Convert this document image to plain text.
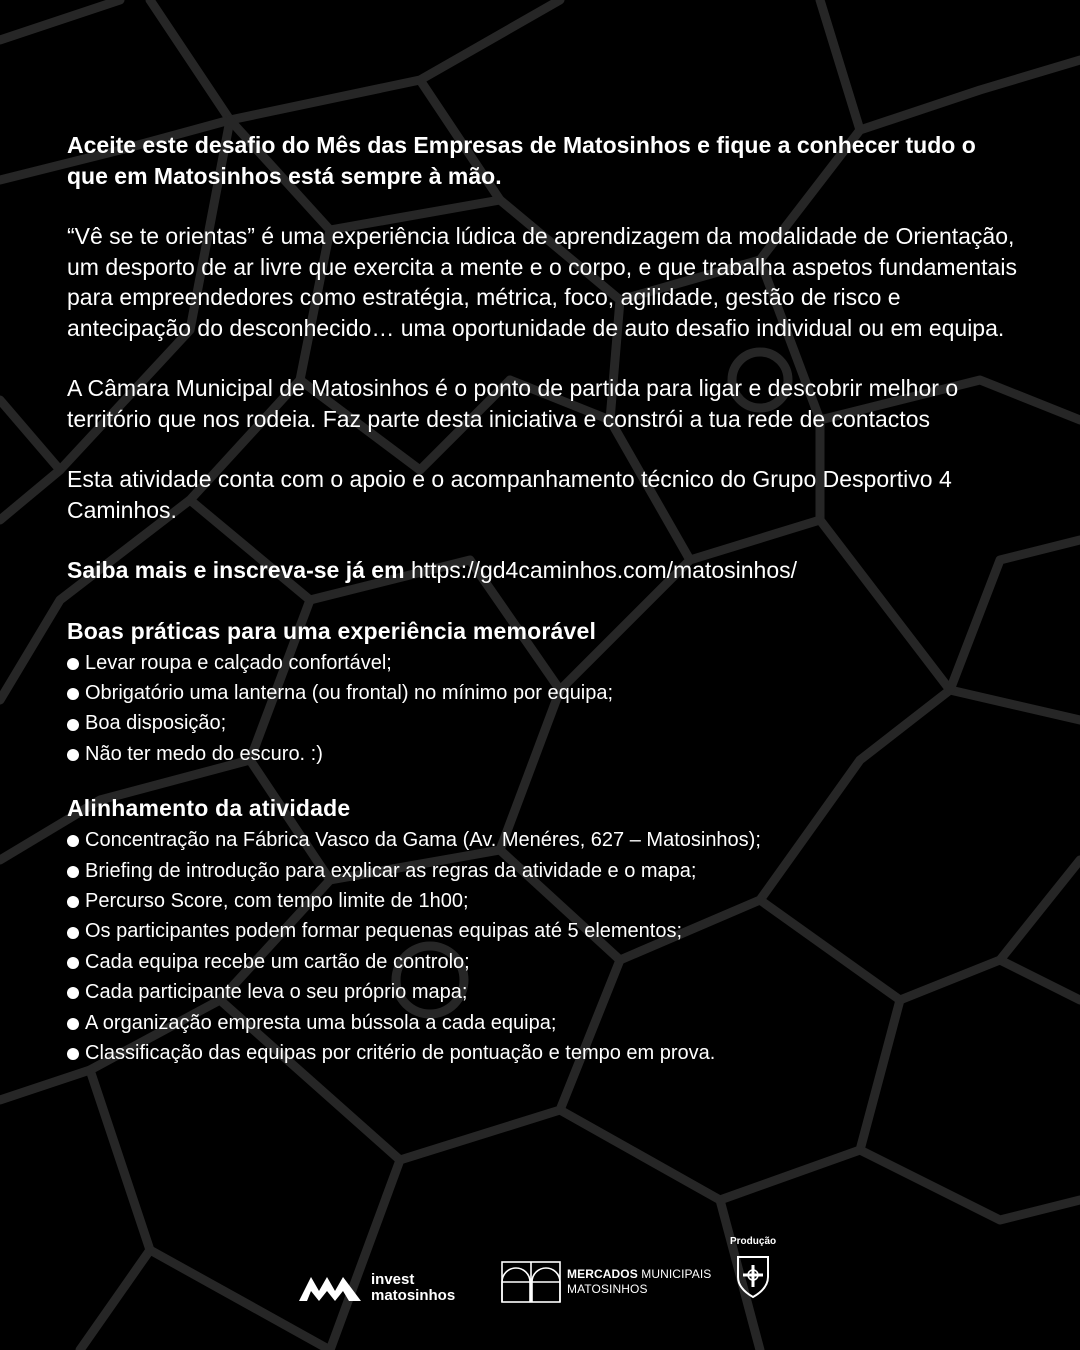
Aceite este desafio do Mês das Empresas de Matosinhos e fique a conhecer tudo o que em Matosinhos está sempre à mão.

“Vê se te orientas” é uma experiência lúdica de aprendizagem da modalidade de Orientação, um desporto de ar livre que exercita a mente e o corpo, e que trabalha aspetos fundamentais para empreendedores como estratégia, métrica, foco, agilidade, gestão de risco e antecipação do desconhecido… uma oportunidade de auto desafio individual ou em equipa.

A Câmara Municipal de Matosinhos é o ponto de partida para ligar e descobrir melhor o território que nos rodeia. Faz parte desta iniciativa e constrói a tua rede de contactos

Esta atividade conta com o apoio e o acompanhamento técnico do Grupo Desportivo 4 Caminhos.

Saiba mais e inscreva-se já em https://gd4caminhos.com/matosinhos/

Boas práticas para uma experiência memorável
Levar roupa e calçado confortável;
Obrigatório uma lanterna (ou frontal) no mínimo por equipa;
Boa disposição;
Não ter medo do escuro. :)
Alinhamento da atividade
Concentração na Fábrica Vasco da Gama (Av. Menéres, 627 – Matosinhos);
Briefing de introdução para explicar as regras da atividade e o mapa;
Percurso Score, com tempo limite de 1h00;
Os participantes podem formar pequenas equipas até 5 elementos;
Cada equipa recebe um cartão de controlo;
Cada participante leva o seu próprio mapa;
A organização empresta uma bússola a cada equipa;
Classificação das equipas por critério de pontuação e tempo em prova.
invest
matosinhos
MERCADOS MUNICIPAIS
MATOSINHOS
Produção
